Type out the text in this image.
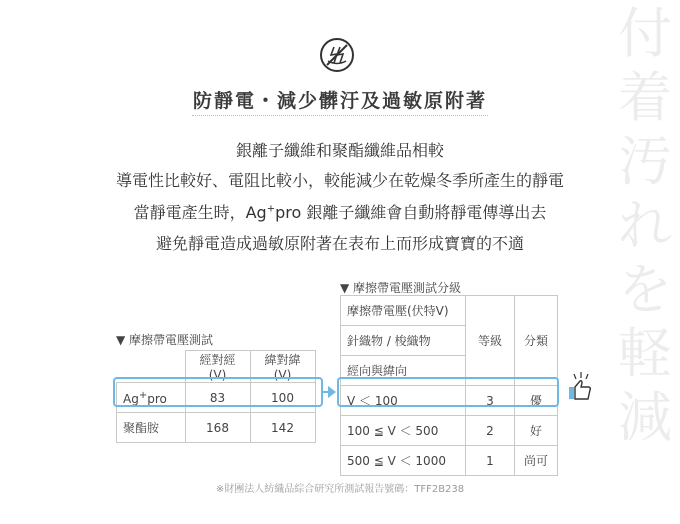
付
着
汚
れ
を
軽
減
防靜電・減少髒汙及過敏原附著
銀離子纖維和聚酯纖維品相較
導電性比較好、電阻比較小，較能減少在乾燥冬季所產生的靜電
當靜電產生時，Ag+pro 銀離子纖維會自動將靜電傳導出去
避免靜電造成過敏原附著在表布上而形成寶寶的不適
▼ 摩擦帶電壓測試
	經對經(V)	緯對緯(V)
Ag+pro	83	100
聚酯胺	168	142
▼ 摩擦帶電壓測試分級
摩擦帶電壓(伏特V)	等級	分類
針織物 / 梭織物		
經向與緯向		
V ＜ 100	3	優
100 ≦ V ＜ 500	2	好
500 ≦ V ＜ 1000	1	尚可
※財團法人紡織品綜合研究所測試報告號碼：TFF2B238
